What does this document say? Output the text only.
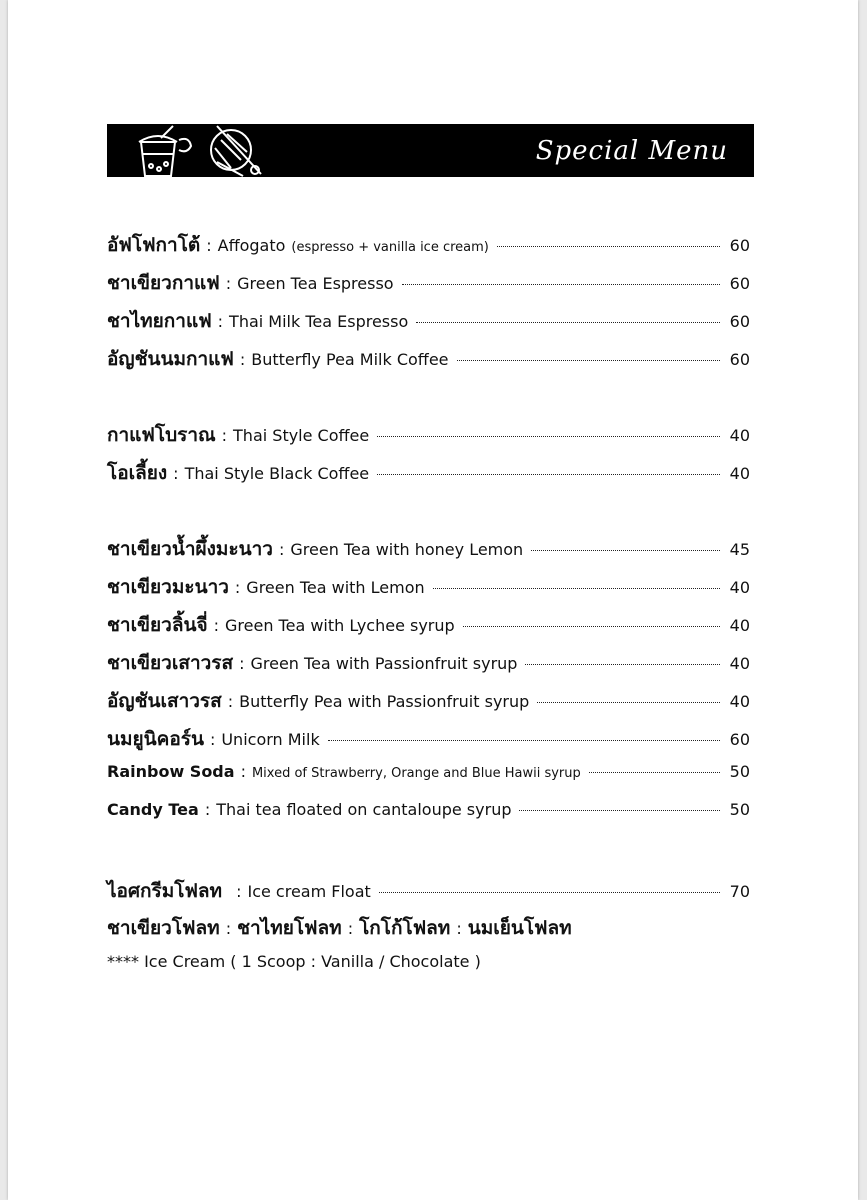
Special Menu
อัฟโฟกาโต้ : Affogato (espresso + vanilla ice cream)	60
ชาเขียวกาแฟ : Green Tea Espresso	60
ชาไทยกาแฟ : Thai Milk Tea Espresso	60
อัญชันนมกาแฟ : Butterfly Pea Milk Coffee	60
กาแฟโบราณ : Thai Style Coffee	40
โอเลี้ยง : Thai Style Black Coffee	40
ชาเขียวน้ำผึ้งมะนาว : Green Tea with honey Lemon	45
ชาเขียวมะนาว : Green Tea with Lemon	40
ชาเขียวลิ้นจี่ : Green Tea with Lychee syrup	40
ชาเขียวเสาวรส : Green Tea with Passionfruit syrup	40
อัญชันเสาวรส : Butterfly Pea with Passionfruit syrup	40
นมยูนิคอร์น : Unicorn Milk	60
Rainbow Soda : Mixed of Strawberry, Orange and Blue Hawii syrup	50
Candy Tea : Thai tea floated on cantaloupe syrup	50
ไอศกรีมโฟลท : Ice cream Float	70
ชาเขียวโฟลท : ชาไทยโฟลท : โกโก้โฟลท : นมเย็นโฟลท
**** Ice Cream ( 1 Scoop : Vanilla / Chocolate )
